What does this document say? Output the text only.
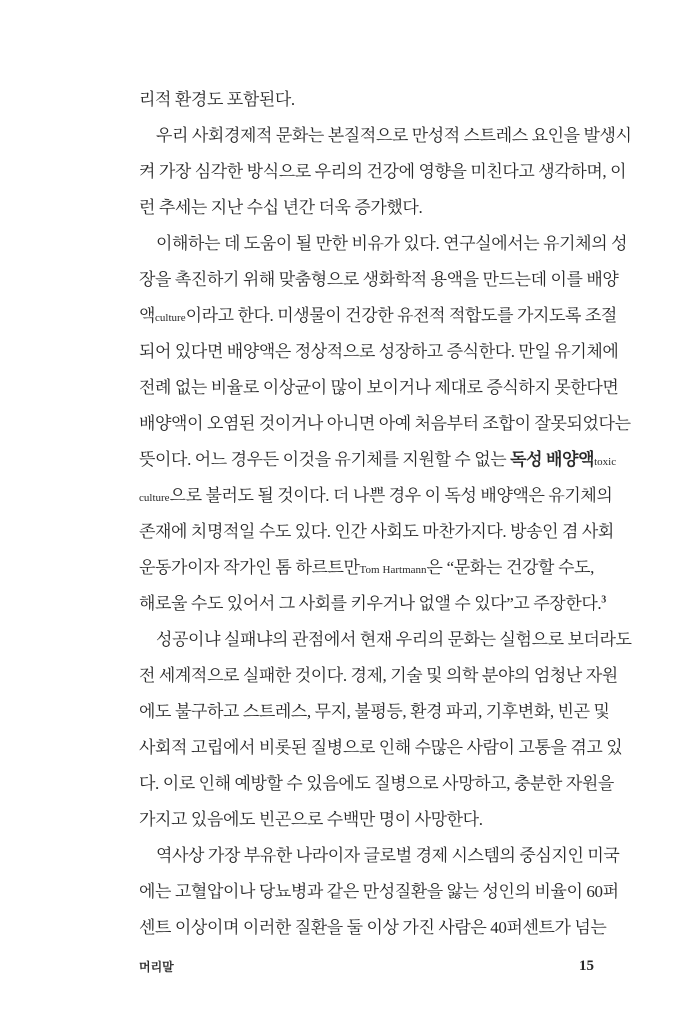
리적 환경도 포함된다.
우리 사회경제적 문화는 본질적으로 만성적 스트레스 요인을 발생시
켜 가장 심각한 방식으로 우리의 건강에 영향을 미친다고 생각하며, 이
런 추세는 지난 수십 년간 더욱 증가했다.
이해하는 데 도움이 될 만한 비유가 있다. 연구실에서는 유기체의 성
장을 촉진하기 위해 맞춤형으로 생화학적 용액을 만드는데 이를 배양
액culture이라고 한다. 미생물이 건강한 유전적 적합도를 가지도록 조절
되어 있다면 배양액은 정상적으로 성장하고 증식한다. 만일 유기체에
전례 없는 비율로 이상균이 많이 보이거나 제대로 증식하지 못한다면
배양액이 오염된 것이거나 아니면 아예 처음부터 조합이 잘못되었다는
뜻이다. 어느 경우든 이것을 유기체를 지원할 수 없는 독성 배양액toxic
culture으로 불러도 될 것이다. 더 나쁜 경우 이 독성 배양액은 유기체의
존재에 치명적일 수도 있다. 인간 사회도 마찬가지다. 방송인 겸 사회
운동가이자 작가인 톰 하르트만Tom Hartmann은 “문화는 건강할 수도,
해로울 수도 있어서 그 사회를 키우거나 없앨 수 있다”고 주장한다.$^3$
성공이냐 실패냐의 관점에서 현재 우리의 문화는 실험으로 보더라도
전 세계적으로 실패한 것이다. 경제, 기술 및 의학 분야의 엄청난 자원
에도 불구하고 스트레스, 무지, 불평등, 환경 파괴, 기후변화, 빈곤 및
사회적 고립에서 비롯된 질병으로 인해 수많은 사람이 고통을 겪고 있
다. 이로 인해 예방할 수 있음에도 질병으로 사망하고, 충분한 자원을
가지고 있음에도 빈곤으로 수백만 명이 사망한다.
역사상 가장 부유한 나라이자 글로벌 경제 시스템의 중심지인 미국
에는 고혈압이나 당뇨병과 같은 만성질환을 앓는 성인의 비율이 60퍼
센트 이상이며 이러한 질환을 둘 이상 가진 사람은 40퍼센트가 넘는
머리말	15
